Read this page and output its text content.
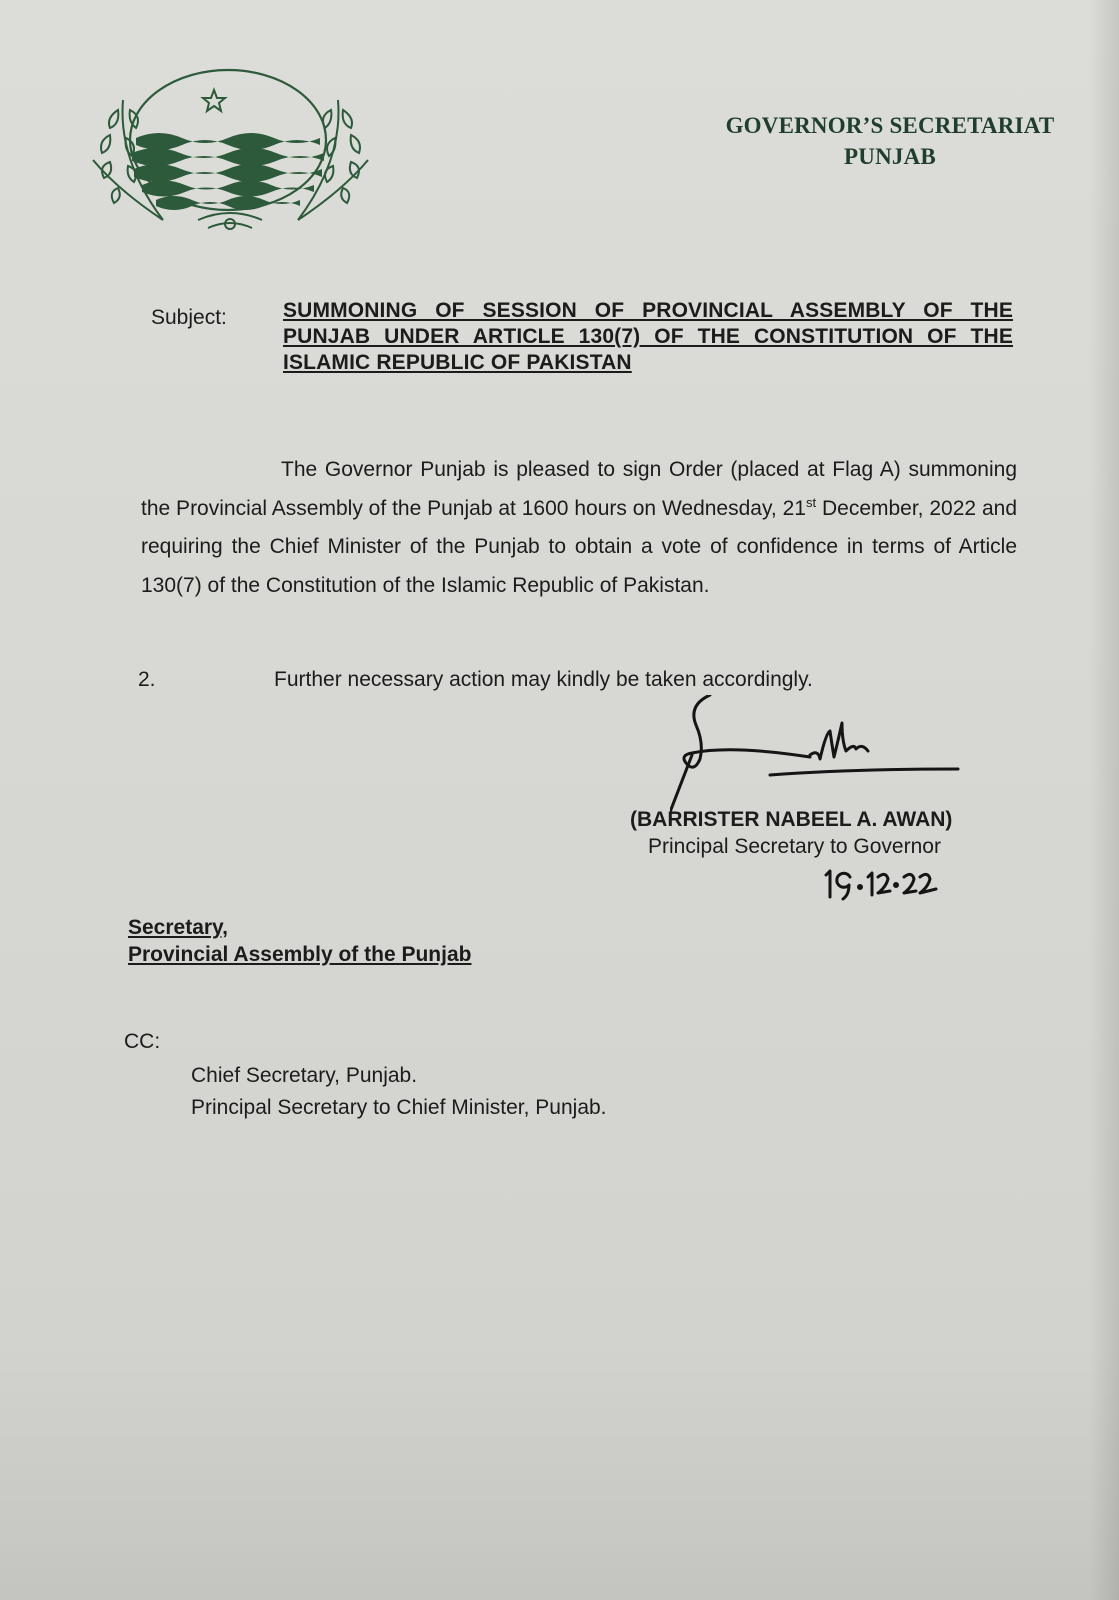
GOVERNOR’S SECRETARIAT
PUNJAB
Subject:	SUMMONING OF SESSION OF PROVINCIAL ASSEMBLY OF THE PUNJAB UNDER ARTICLE 130(7) OF THE CONSTITUTION OF THE ISLAMIC REPUBLIC OF PAKISTAN
The Governor Punjab is pleased to sign Order (placed at Flag A) summoning the Provincial Assembly of the Punjab at 1600 hours on Wednesday, 21st December, 2022 and requiring the Chief Minister of the Punjab to obtain a vote of confidence in terms of Article 130(7) of the Constitution of the Islamic Republic of Pakistan.
2.	Further necessary action may kindly be taken accordingly.
(BARRISTER NABEEL A. AWAN)
Principal Secretary to Governor
Secretary,
Provincial Assembly of the Punjab
CC:
Chief Secretary, Punjab.
Principal Secretary to Chief Minister, Punjab.
